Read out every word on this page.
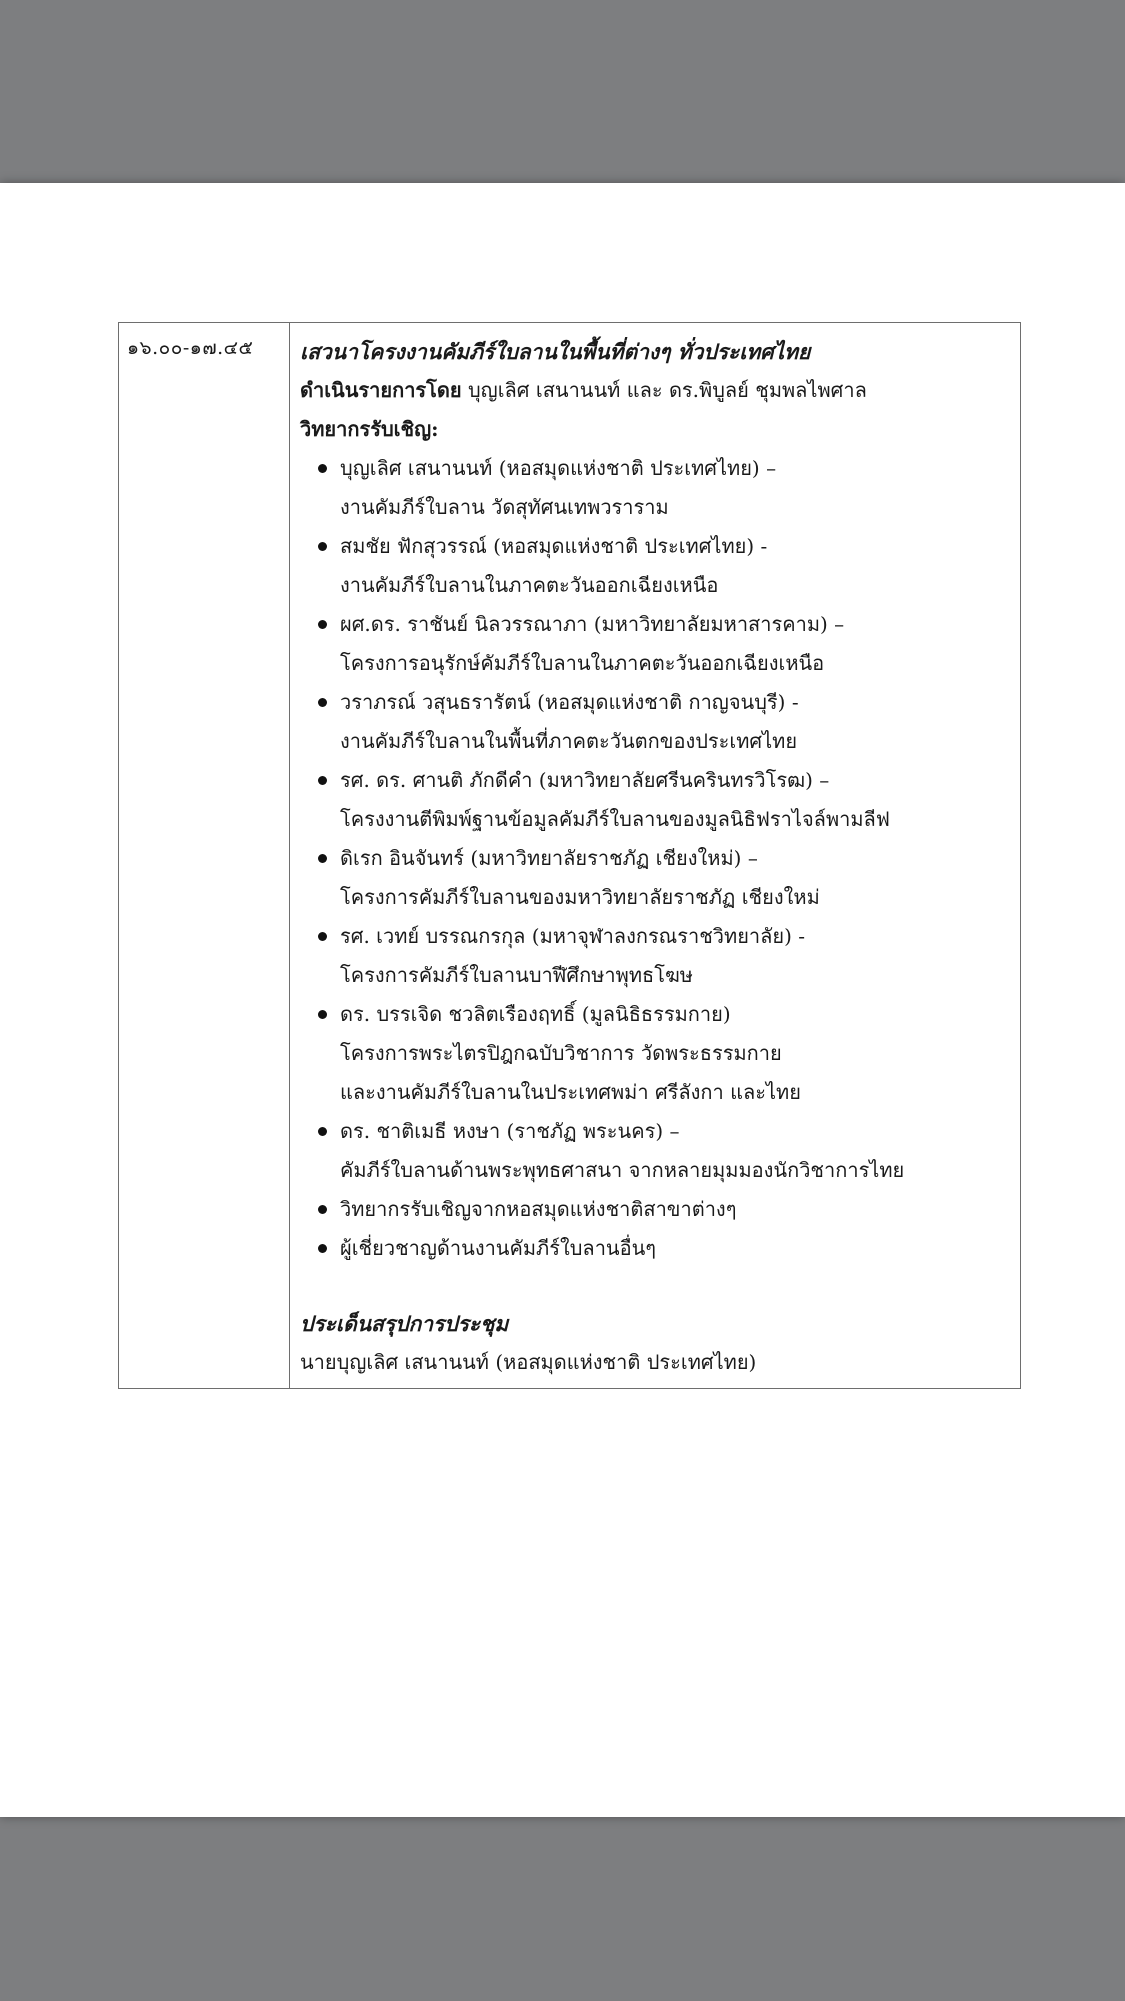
๑๖.๐๐-๑๗.๔๕	เสวนาโครงงานคัมภีร์ใบลานในพื้นที่ต่างๆ ทั่วประเทศไทย
ดำเนินรายการโดย บุญเลิศ เสนานนท์ และ ดร.พิบูลย์ ชุมพลไพศาล
วิทยากรรับเชิญ:
บุญเลิศ เสนานนท์ (หอสมุดแห่งชาติ ประเทศไทย) –
งานคัมภีร์ใบลาน วัดสุทัศนเทพวราราม
สมชัย ฟักสุวรรณ์ (หอสมุดแห่งชาติ ประเทศไทย) -
งานคัมภีร์ใบลานในภาคตะวันออกเฉียงเหนือ
ผศ.ดร. ราชันย์ นิลวรรณาภา (มหาวิทยาลัยมหาสารคาม) –
โครงการอนุรักษ์คัมภีร์ใบลานในภาคตะวันออกเฉียงเหนือ
วราภรณ์ วสุนธรารัตน์ (หอสมุดแห่งชาติ กาญจนบุรี) -
งานคัมภีร์ใบลานในพื้นที่ภาคตะวันตกของประเทศไทย
รศ. ดร. ศานติ ภักดีคำ (มหาวิทยาลัยศรีนครินทรวิโรฒ) –
โครงงานตีพิมพ์ฐานข้อมูลคัมภีร์ใบลานของมูลนิธิฟราไจล์พามลีฟ
ดิเรก อินจันทร์ (มหาวิทยาลัยราชภัฏ เชียงใหม่) –
โครงการคัมภีร์ใบลานของมหาวิทยาลัยราชภัฏ เชียงใหม่
รศ. เวทย์ บรรณกรกุล (มหาจุฬาลงกรณราชวิทยาลัย) -
โครงการคัมภีร์ใบลานบาฬีศึกษาพุทธโฆษ
ดร. บรรเจิด ชวลิตเรืองฤทธิ์ (มูลนิธิธรรมกาย)
โครงการพระไตรปิฎกฉบับวิชาการ วัดพระธรรมกาย
และงานคัมภีร์ใบลานในประเทศพม่า ศรีลังกา และไทย
ดร. ชาติเมธี หงษา (ราชภัฏ พระนคร) –
คัมภีร์ใบลานด้านพระพุทธศาสนา จากหลายมุมมองนักวิชาการไทย
วิทยากรรับเชิญจากหอสมุดแห่งชาติสาขาต่างๆ
ผู้เชี่ยวชาญด้านงานคัมภีร์ใบลานอื่นๆ
ประเด็นสรุปการประชุม
นายบุญเลิศ เสนานนท์ (หอสมุดแห่งชาติ ประเทศไทย)
